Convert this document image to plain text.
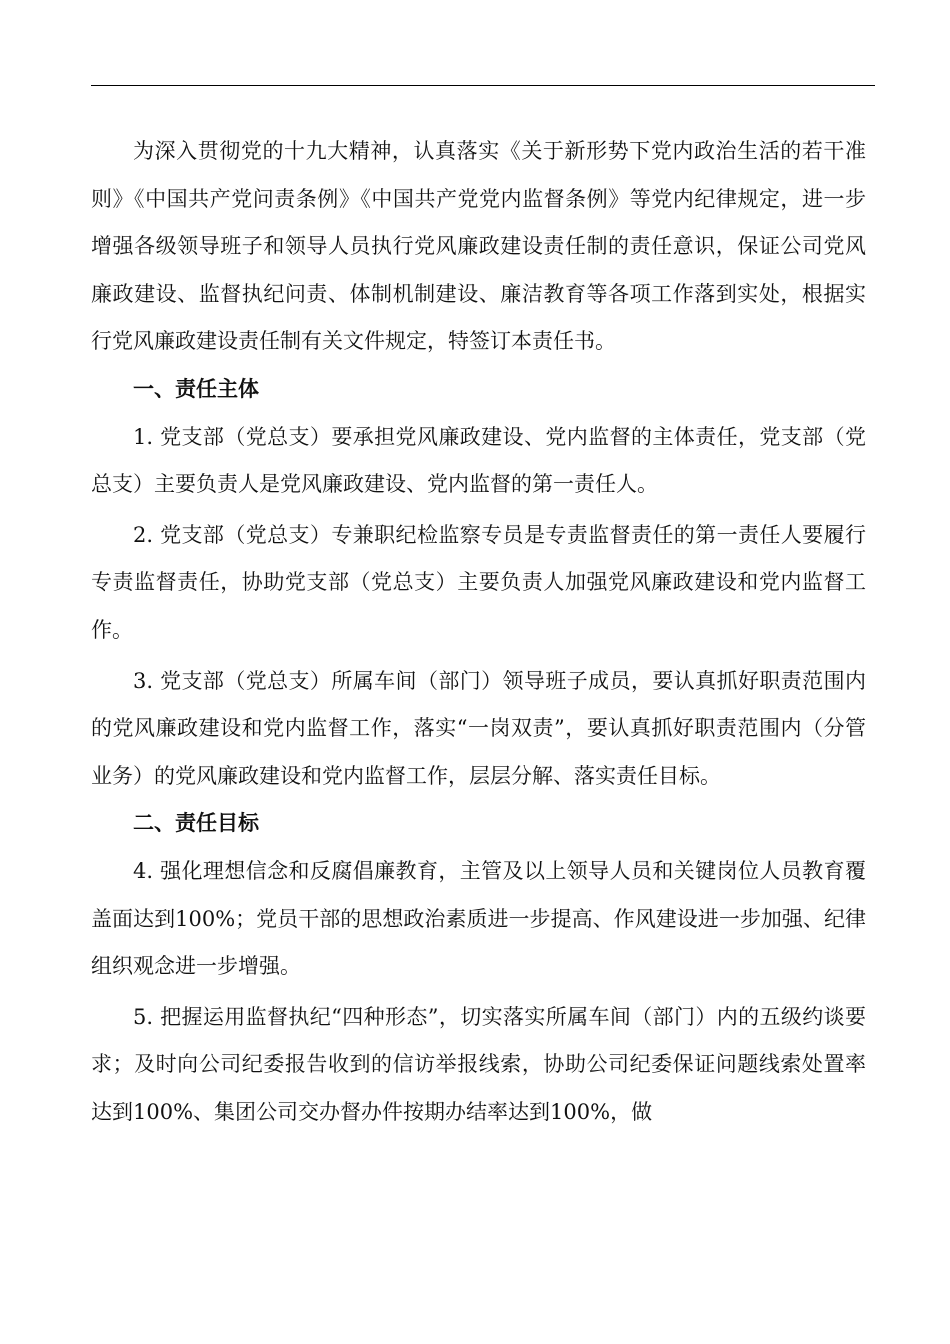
为深入贯彻党的十九大精神，认真落实《关于新形势下党内政治生活的若干准则》《中国共产党问责条例》《中国共产党党内监督条例》等党内纪律规定，进一步增强各级领导班子和领导人员执行党风廉政建设责任制的责任意识，保证公司党风廉政建设、监督执纪问责、体制机制建设、廉洁教育等各项工作落到实处，根据实行党风廉政建设责任制有关文件规定，特签订本责任书。

一、责任主体

1. 党支部（党总支）要承担党风廉政建设、党内监督的主体责任，党支部（党总支）主要负责人是党风廉政建设、党内监督的第一责任人。

2. 党支部（党总支）专兼职纪检监察专员是专责监督责任的第一责任人要履行专责监督责任，协助党支部（党总支）主要负责人加强党风廉政建设和党内监督工作。

3. 党支部（党总支）所属车间（部门）领导班子成员，要认真抓好职责范围内的党风廉政建设和党内监督工作，落实“一岗双责”，要认真抓好职责范围内（分管业务）的党风廉政建设和党内监督工作，层层分解、落实责任目标。

二、责任目标

4. 强化理想信念和反腐倡廉教育，主管及以上领导人员和关键岗位人员教育覆盖面达到100%；党员干部的思想政治素质进一步提高、作风建设进一步加强、纪律组织观念进一步增强。

5. 把握运用监督执纪“四种形态”，切实落实所属车间（部门）内的五级约谈要求；及时向公司纪委报告收到的信访举报线索，协助公司纪委保证问题线索处置率达到100%、集团公司交办督办件按期办结率达到100%，做
